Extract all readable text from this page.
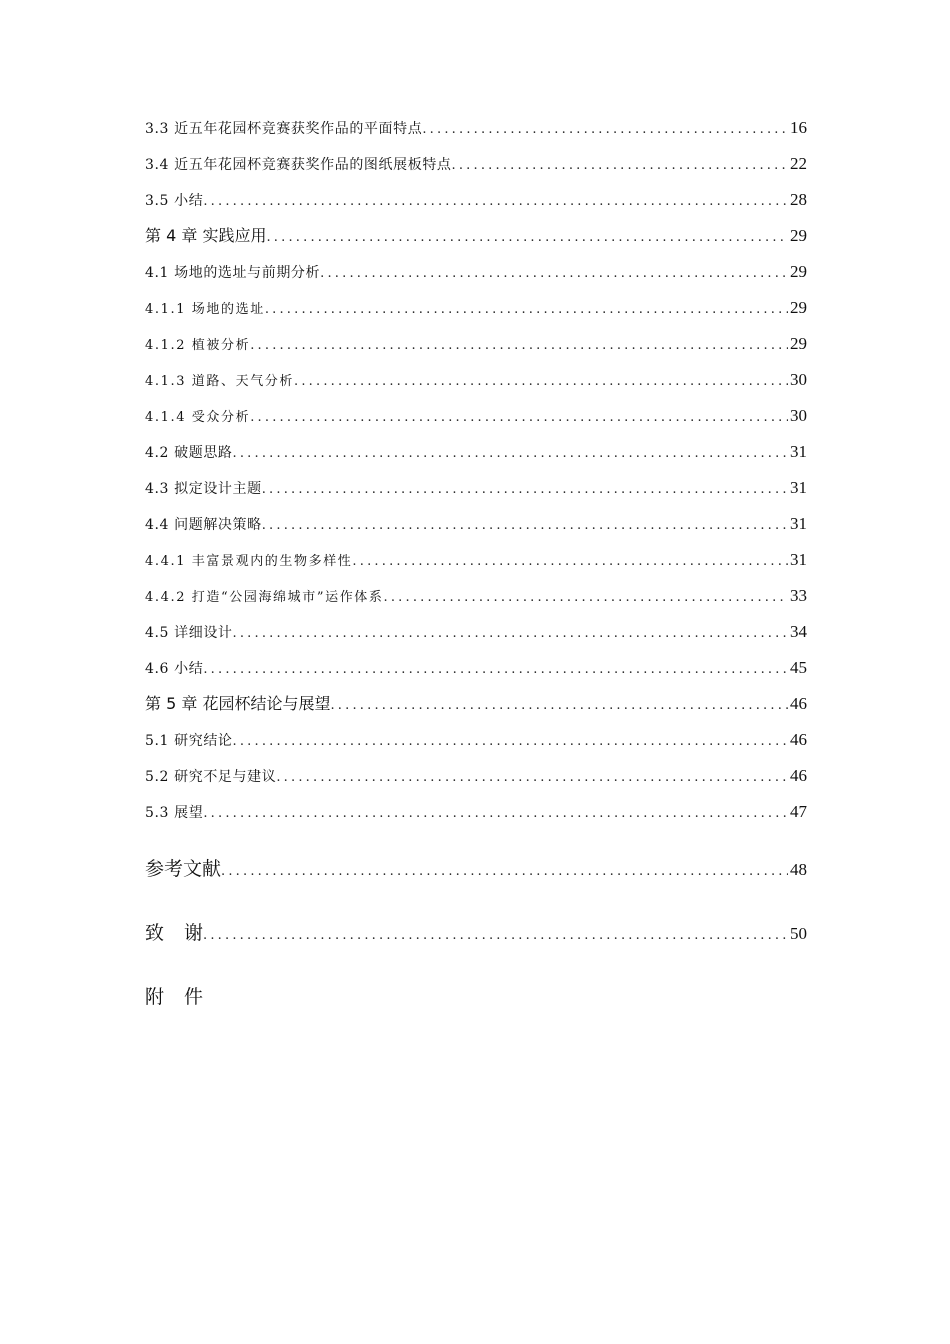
3.3 近五年花园杯竞赛获奖作品的平面特点 .....	16
3.4 近五年花园杯竞赛获奖作品的图纸展板特点 .....	22
3.5 小结 .....	28
第 4 章 实践应用 .....	29
4.1 场地的选址与前期分析 .....	29
4.1.1 场地的选址 .....	29
4.1.2 植被分析 .....	29
4.1.3 道路、天气分析 .....	30
4.1.4 受众分析 .....	30
4.2 破题思路 .....	31
4.3 拟定设计主题 .....	31
4.4 问题解决策略 .....	31
4.4.1 丰富景观内的生物多样性 .....	31
4.4.2 打造“公园海绵城市”运作体系 .....	33
4.5 详细设计 .....	34
4.6 小结 .....	45
第 5 章 花园杯结论与展望 .....	46
5.1 研究结论 .....	46
5.2 研究不足与建议 .....	46
5.3 展望 .....	47
参考文献 .....	48
致谢 .....	50
附件
